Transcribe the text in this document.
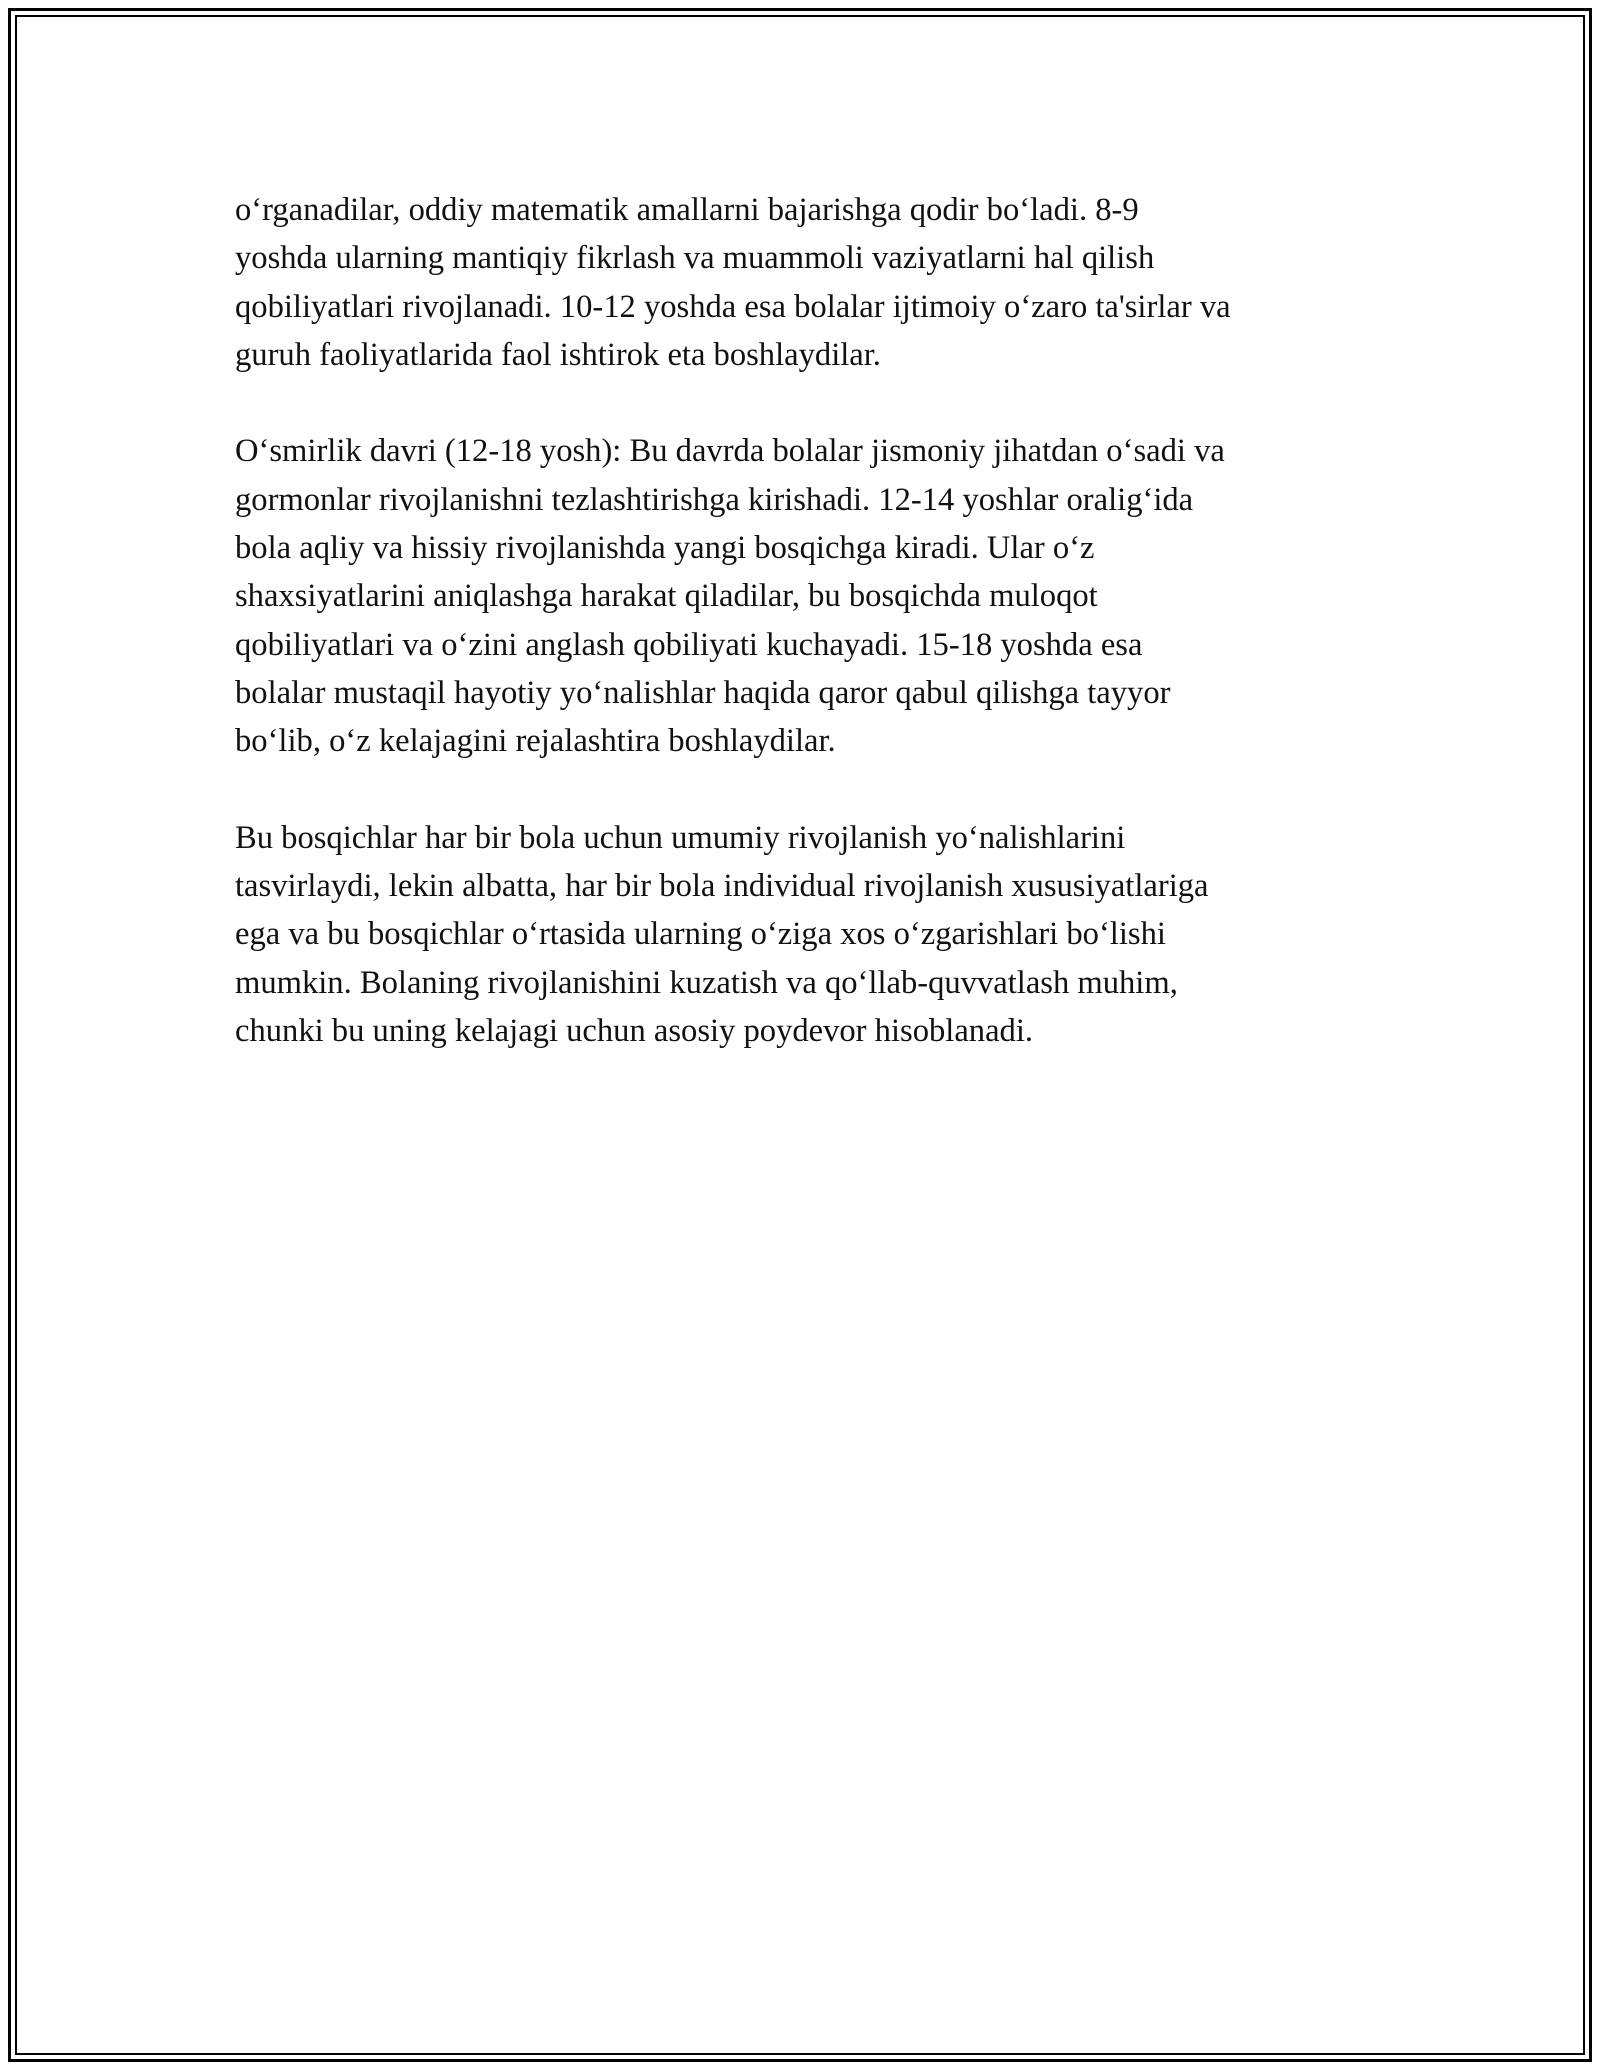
o‘rganadilar, oddiy matematik amallarni bajarishga qodir bo‘ladi. 8-9
yoshda ularning mantiqiy fikrlash va muammoli vaziyatlarni hal qilish
qobiliyatlari rivojlanadi. 10-12 yoshda esa bolalar ijtimoiy o‘zaro ta'sirlar va
guruh faoliyatlarida faol ishtirok eta boshlaydilar.

O‘smirlik davri (12-18 yosh): Bu davrda bolalar jismoniy jihatdan o‘sadi va
gormonlar rivojlanishni tezlashtirishga kirishadi. 12-14 yoshlar oralig‘ida
bola aqliy va hissiy rivojlanishda yangi bosqichga kiradi. Ular o‘z
shaxsiyatlarini aniqlashga harakat qiladilar, bu bosqichda muloqot
qobiliyatlari va o‘zini anglash qobiliyati kuchayadi. 15-18 yoshda esa
bolalar mustaqil hayotiy yo‘nalishlar haqida qaror qabul qilishga tayyor
bo‘lib, o‘z kelajagini rejalashtira boshlaydilar.

Bu bosqichlar har bir bola uchun umumiy rivojlanish yo‘nalishlarini
tasvirlaydi, lekin albatta, har bir bola individual rivojlanish xususiyatlariga
ega va bu bosqichlar o‘rtasida ularning o‘ziga xos o‘zgarishlari bo‘lishi
mumkin. Bolaning rivojlanishini kuzatish va qo‘llab-quvvatlash muhim,
chunki bu uning kelajagi uchun asosiy poydevor hisoblanadi.
